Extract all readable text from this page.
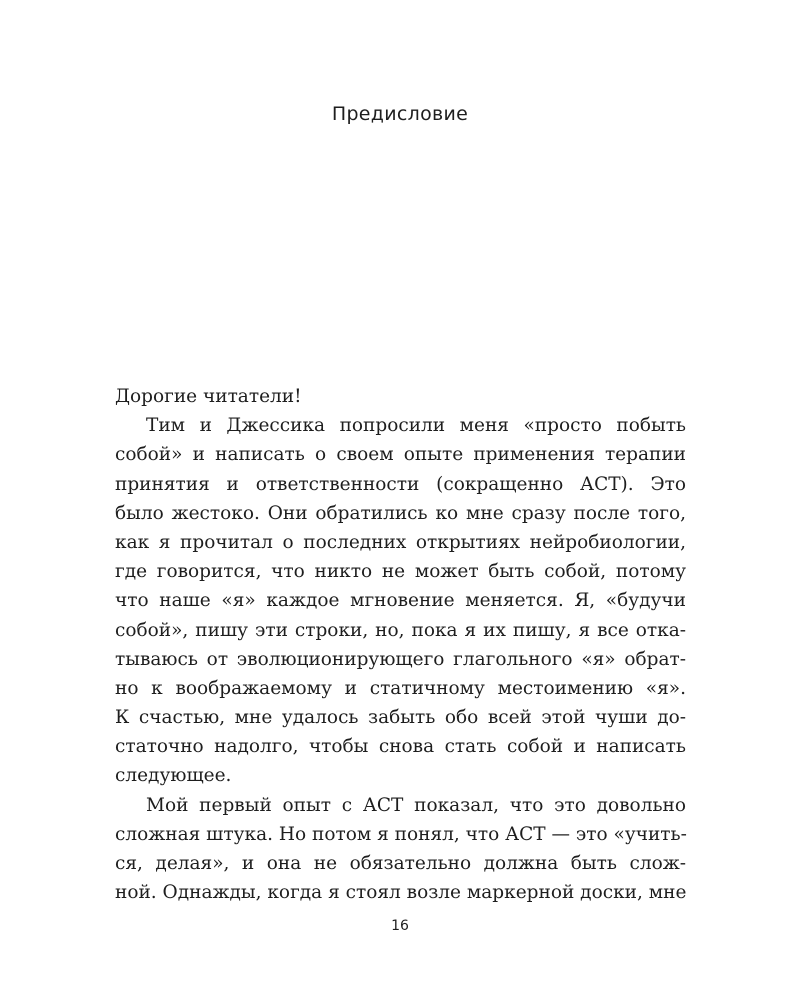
Предисловие
Дорогие читатели!
Тим и Джессика попросили меня «просто побыть
собой» и написать о своем опыте применения терапии
принятия и ответственности (сокращенно АСТ). Это
было жестоко. Они обратились ко мне сразу после того,
как я прочитал о последних открытиях нейробиологии,
где говорится, что никто не может быть собой, потому
что наше «я» каждое мгновение меняется. Я, «будучи
собой», пишу эти строки, но, пока я их пишу, я все отка-
тываюсь от эволюционирующего глагольного «я» обрат-
но к воображаемому и статичному местоимению «я».
К счастью, мне удалось забыть обо всей этой чуши до-
статочно надолго, чтобы снова стать собой и написать
следующее.
Мой первый опыт с АСТ показал, что это довольно
сложная штука. Но потом я понял, что АСТ — это «учить-
ся, делая», и она не обязательно должна быть слож-
ной. Однажды, когда я стоял возле маркерной доски, мне
16
